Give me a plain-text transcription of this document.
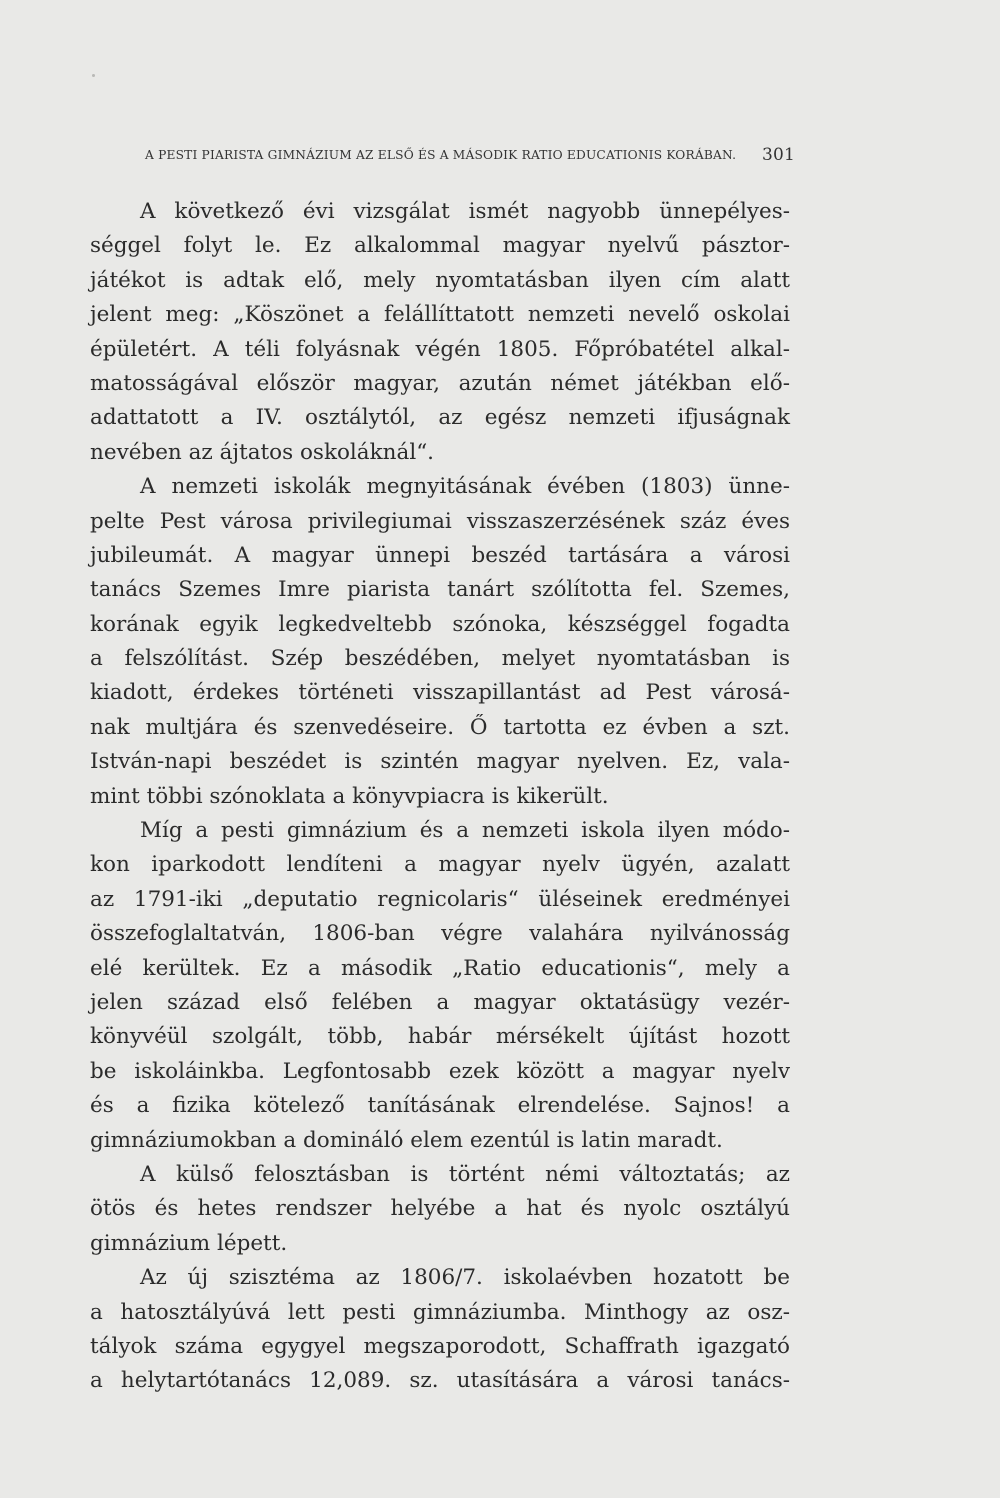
A PESTI PIARISTA GIMNÁZIUM AZ ELSŐ ÉS A MÁSODIK RATIO EDUCATIONIS KORÁBAN. 301
A következő évi vizsgálat ismét nagyobb ünnepélyes-
séggel folyt le. Ez alkalommal magyar nyelvű pásztor-
játékot is adtak elő, mely nyomtatásban ilyen cím alatt
jelent meg: „Köszönet a felállíttatott nemzeti nevelő oskolai
épületért. A téli folyásnak végén 1805. Főpróbatétel alkal-
matosságával először magyar, azután német játékban elő-
adattatott a IV. osztálytól, az egész nemzeti ifjuságnak
nevében az ájtatos oskoláknál“.
A nemzeti iskolák megnyitásának évében (1803) ünne-
pelte Pest városa privilegiumai visszaszerzésének száz éves
jubileumát. A magyar ünnepi beszéd tartására a városi
tanács Szemes Imre piarista tanárt szólította fel. Szemes,
korának egyik legkedveltebb szónoka, készséggel fogadta
a felszólítást. Szép beszédében, melyet nyomtatásban is
kiadott, érdekes történeti visszapillantást ad Pest városá-
nak multjára és szenvedéseire. Ő tartotta ez évben a szt.
István-napi beszédet is szintén magyar nyelven. Ez, vala-
mint többi szónoklata a könyvpiacra is kikerült.
Míg a pesti gimnázium és a nemzeti iskola ilyen módo-
kon iparkodott lendíteni a magyar nyelv ügyén, azalatt
az 1791-iki „deputatio regnicolaris“ üléseinek eredményei
összefoglaltatván, 1806-ban végre valahára nyilvánosság
elé kerültek. Ez a második „Ratio educationis“, mely a
jelen század első felében a magyar oktatásügy vezér-
könyvéül szolgált, több, habár mérsékelt újítást hozott
be iskoláinkba. Legfontosabb ezek között a magyar nyelv
és a fizika kötelező tanításának elrendelése. Sajnos! a
gimnáziumokban a domináló elem ezentúl is latin maradt.
A külső felosztásban is történt némi változtatás; az
ötös és hetes rendszer helyébe a hat és nyolc osztályú
gimnázium lépett.
Az új szisztéma az 1806/7. iskolaévben hozatott be
a hatosztályúvá lett pesti gimnáziumba. Minthogy az osz-
tályok száma egygyel megszaporodott, Schaffrath igazgató
a helytartótanács 12,089. sz. utasítására a városi tanács-
